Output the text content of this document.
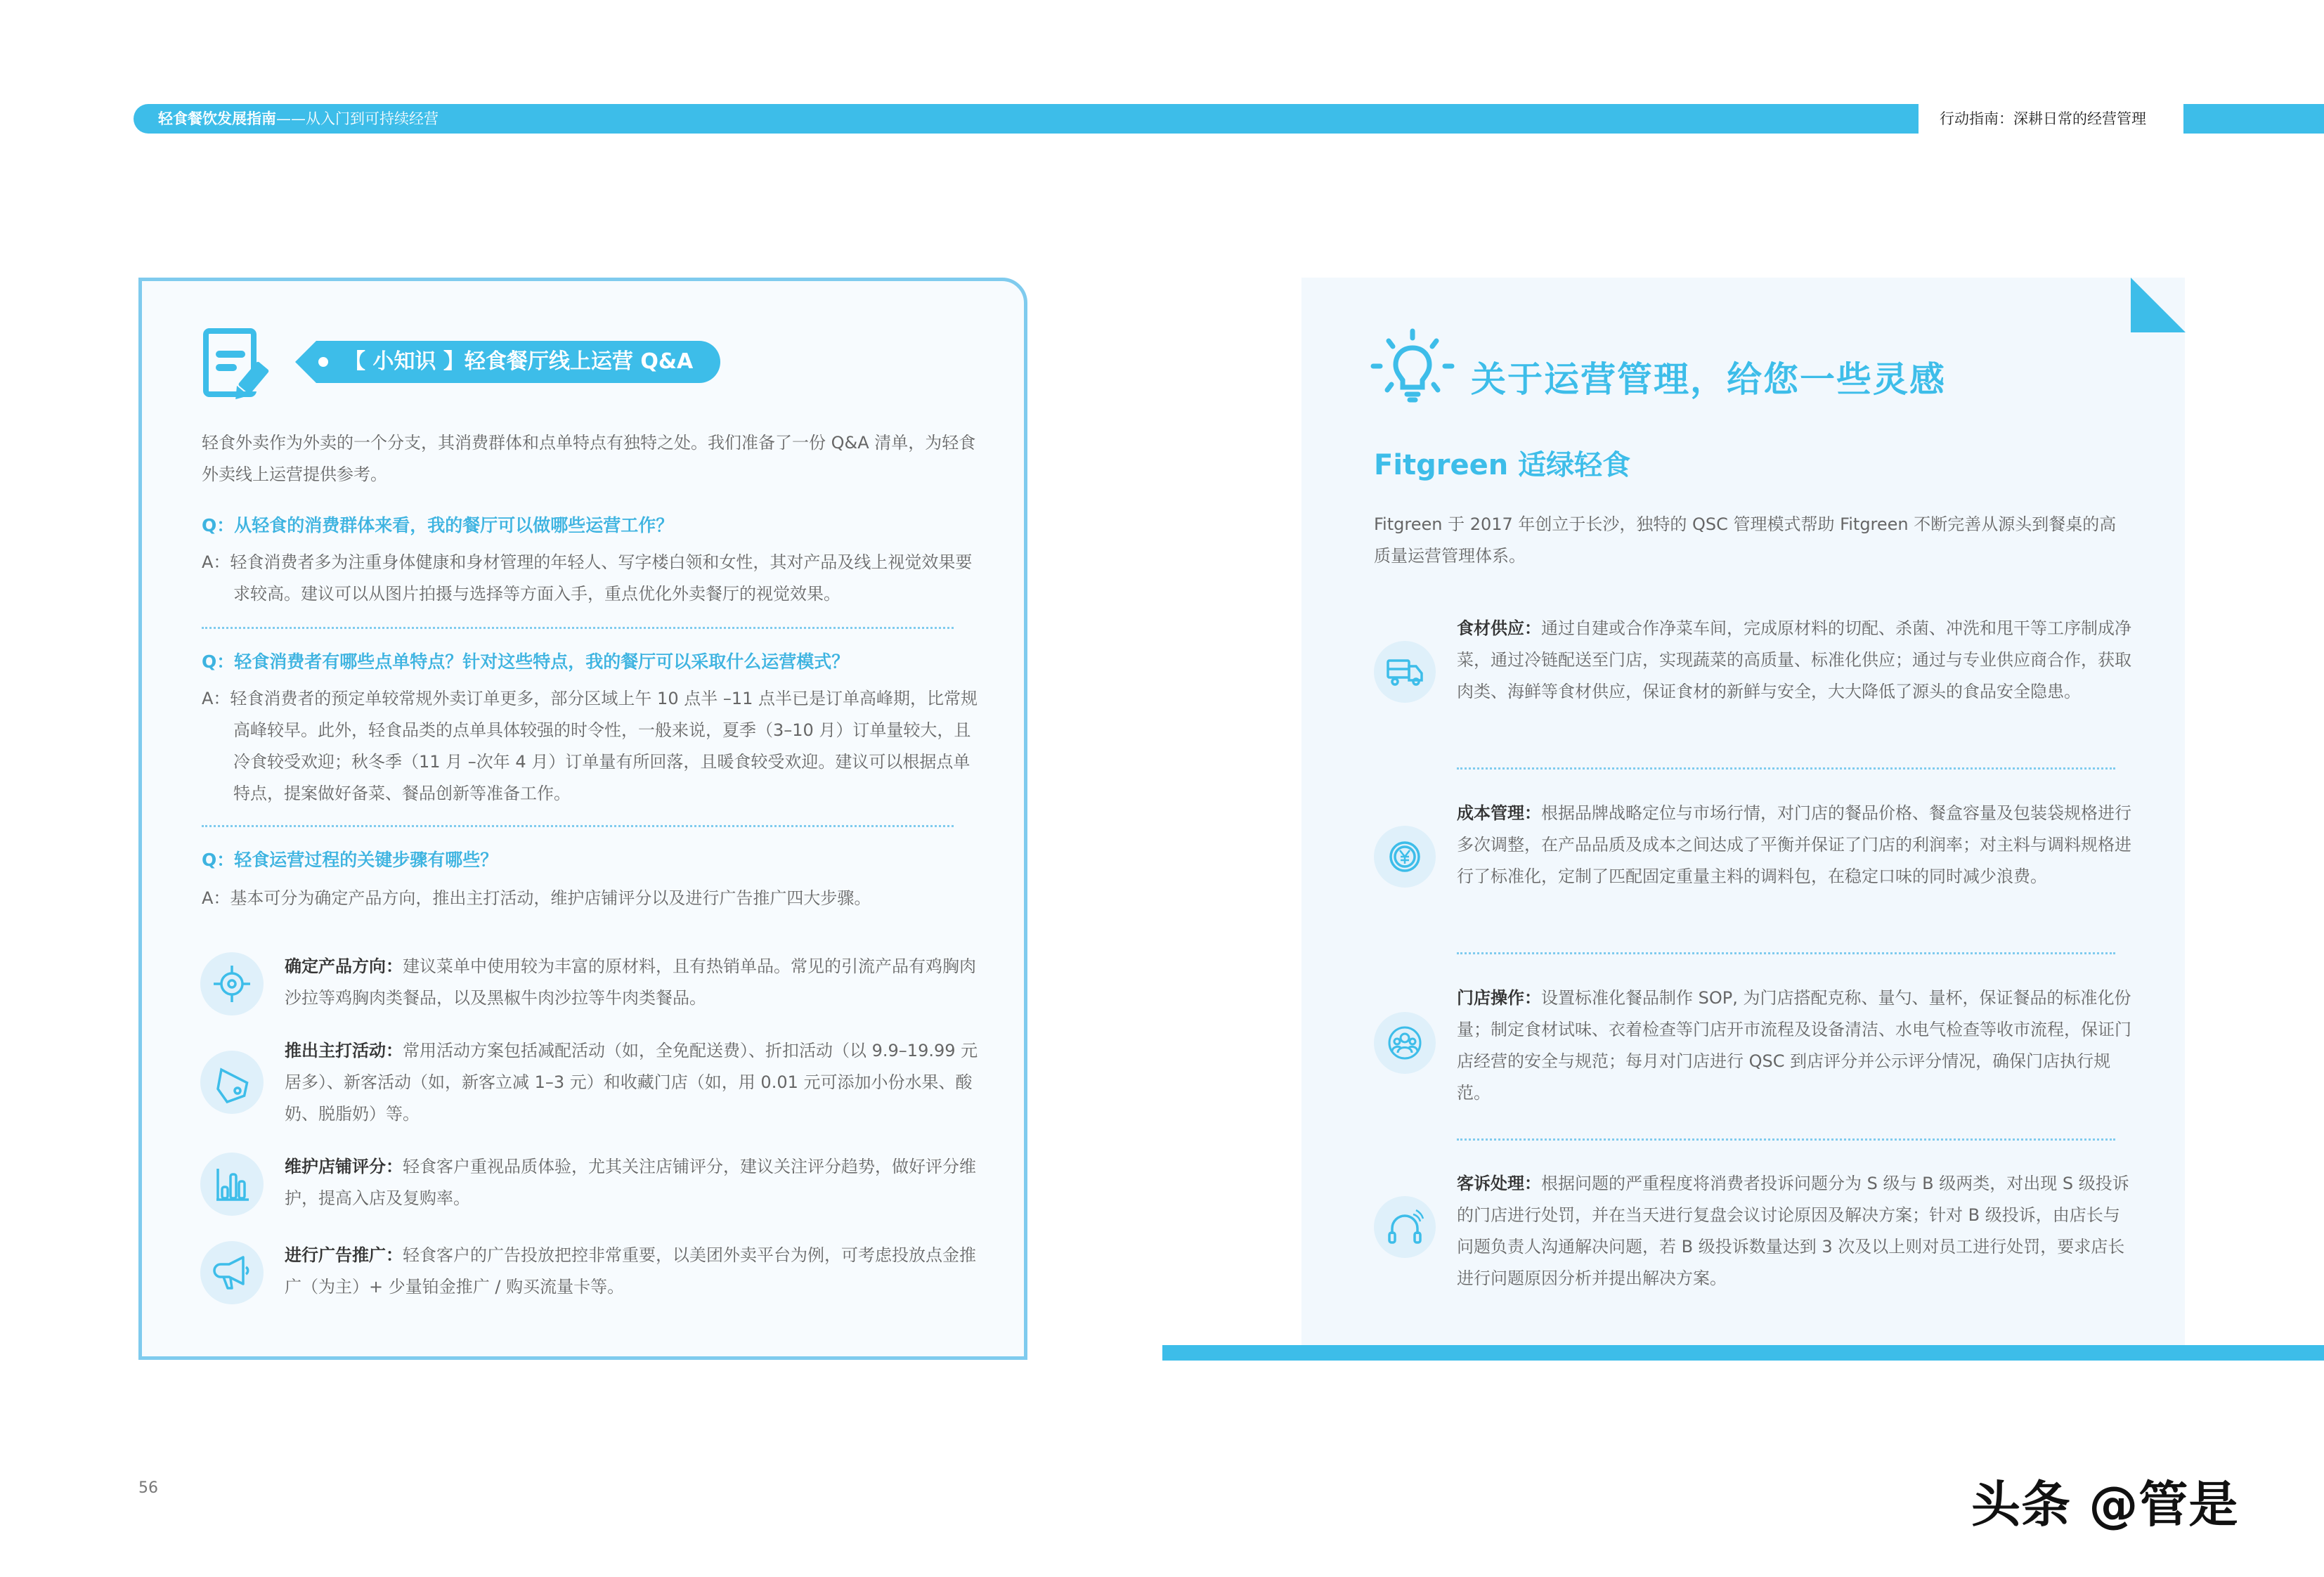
轻食餐饮发展指南——从入门到可持续经营	行动指南：深耕日常的经营管理
【 小知识 】轻食餐厅线上运营 Q&A
轻食外卖作为外卖的一个分支，其消费群体和点单特点有独特之处。我们准备了一份 Q&A 清单，为轻食外卖线上运营提供参考。
Q：从轻食的消费群体来看，我的餐厅可以做哪些运营工作？
A：轻食消费者多为注重身体健康和身材管理的年轻人、写字楼白领和女性，其对产品及线上视觉效果要求较高。建议可以从图片拍摄与选择等方面入手，重点优化外卖餐厅的视觉效果。
Q：轻食消费者有哪些点单特点？针对这些特点，我的餐厅可以采取什么运营模式？
A：轻食消费者的预定单较常规外卖订单更多，部分区域上午 10 点半 –11 点半已是订单高峰期，比常规高峰较早。此外，轻食品类的点单具体较强的时令性，一般来说，夏季（3–10 月）订单量较大，且冷食较受欢迎；秋冬季（11 月 –次年 4 月）订单量有所回落，且暖食较受欢迎。建议可以根据点单特点，提案做好备菜、餐品创新等准备工作。
Q：轻食运营过程的关键步骤有哪些？
A：基本可分为确定产品方向，推出主打活动，维护店铺评分以及进行广告推广四大步骤。
确定产品方向：建议菜单中使用较为丰富的原材料，且有热销单品。常见的引流产品有鸡胸肉沙拉等鸡胸肉类餐品，以及黑椒牛肉沙拉等牛肉类餐品。
推出主打活动：常用活动方案包括减配活动（如，全免配送费）、折扣活动（以 9.9–19.99 元居多）、新客活动（如，新客立减 1–3 元）和收藏门店（如，用 0.01 元可添加小份水果、酸奶、脱脂奶）等。
维护店铺评分：轻食客户重视品质体验，尤其关注店铺评分，建议关注评分趋势，做好评分维护，提高入店及复购率。
进行广告推广：轻食客户的广告投放把控非常重要，以美团外卖平台为例，可考虑投放点金推广（为主）+ 少量铂金推广 / 购买流量卡等。
关于运营管理，给您一些灵感
Fitgreen 适绿轻食
Fitgreen 于 2017 年创立于长沙，独特的 QSC 管理模式帮助 Fitgreen 不断完善从源头到餐桌的高质量运营管理体系。
食材供应：通过自建或合作净菜车间，完成原材料的切配、杀菌、冲洗和甩干等工序制成净菜，通过冷链配送至门店，实现蔬菜的高质量、标准化供应；通过与专业供应商合作，获取肉类、海鲜等食材供应，保证食材的新鲜与安全，大大降低了源头的食品安全隐患。
成本管理：根据品牌战略定位与市场行情，对门店的餐品价格、餐盒容量及包装袋规格进行多次调整，在产品品质及成本之间达成了平衡并保证了门店的利润率；对主料与调料规格进行了标准化，定制了匹配固定重量主料的调料包，在稳定口味的同时减少浪费。
门店操作：设置标准化餐品制作 SOP, 为门店搭配克称、量勺、量杯，保证餐品的标准化份量；制定食材试味、衣着检查等门店开市流程及设备清洁、水电气检查等收市流程，保证门店经营的安全与规范；每月对门店进行 QSC 到店评分并公示评分情况，确保门店执行规范。
客诉处理：根据问题的严重程度将消费者投诉问题分为 S 级与 B 级两类，对出现 S 级投诉的门店进行处罚，并在当天进行复盘会议讨论原因及解决方案；针对 B 级投诉，由店长与问题负责人沟通解决问题，若 B 级投诉数量达到 3 次及以上则对员工进行处罚，要求店长进行问题原因分析并提出解决方案。
56	头条 @管是
